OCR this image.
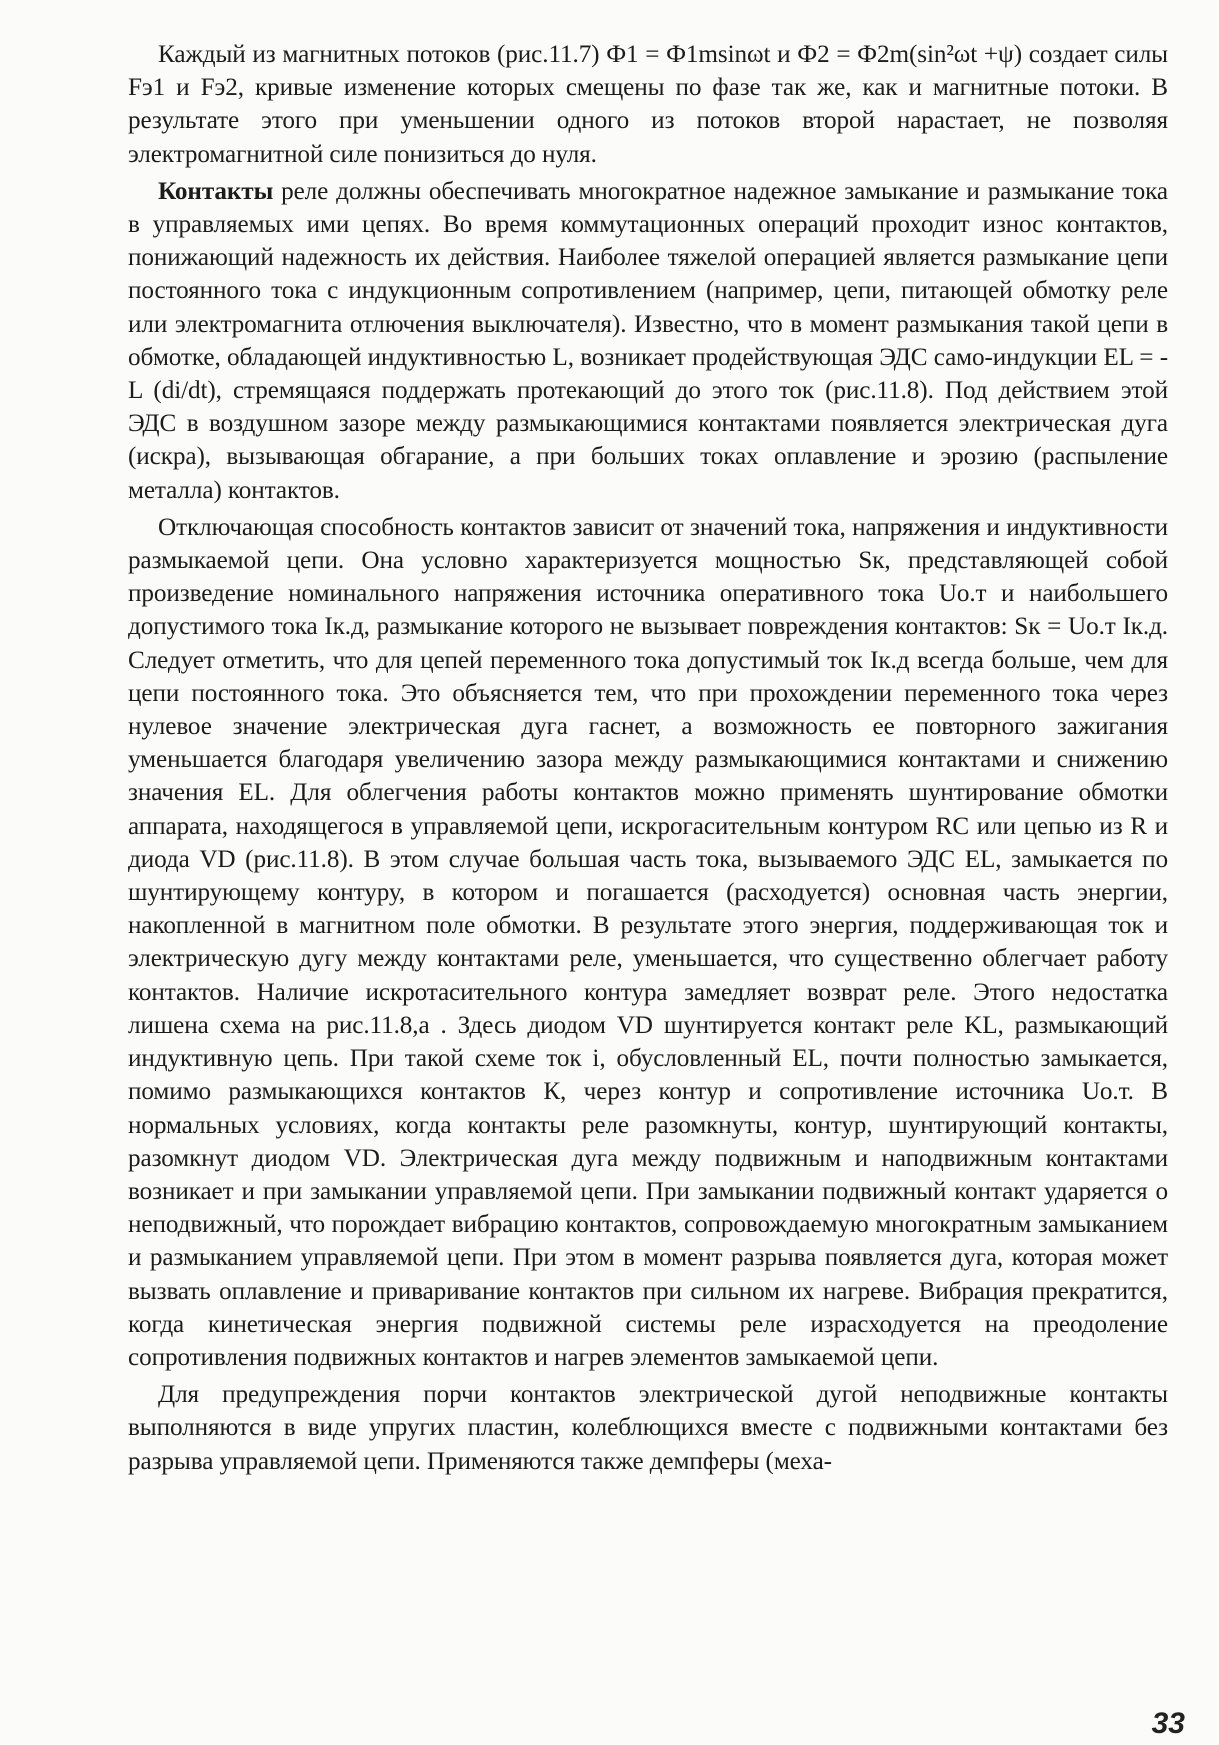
Каждый из магнитных потоков (рис.11.7) Ф1 = Ф1msinωt и Ф2 = Ф2m(sin²ωt +ψ) создает силы Fэ1 и Fэ2, кривые изменение которых смещены по фазе так же, как и магнитные потоки. В результате этого при уменьшении одного из потоков второй нарастает, не позволяя электромагнитной силе понизиться до нуля.

Контакты реле должны обеспечивать многократное надежное замыкание и размыкание тока в управляемых ими цепях. Во время коммутационных операций проходит износ контактов, понижающий надежность их действия. Наиболее тяжелой операцией является размыкание цепи постоянного тока с индукционным сопротивлением (например, цепи, питающей обмотку реле или электромагнита отлючения выключателя). Известно, что в момент размыкания такой цепи в обмотке, обладающей индуктивностью L, возникает продействующая ЭДС само-индукции EL = - L (di/dt), стремящаяся поддержать протекающий до этого ток (рис.11.8). Под действием этой ЭДС в воздушном зазоре между размыкающимися контактами появляется электрическая дуга (искра), вызывающая обгарание, а при больших токах оплавление и эрозию (распыление металла) контактов.

Отключающая способность контактов зависит от значений тока, напряжения и индуктивности размыкаемой цепи. Она условно характеризуется мощностью Sк, представляющей собой произведение номинального напряжения источника оперативного тока Uo.т и наибольшего допустимого тока Iк.д, размыкание которого не вызывает повреждения контактов: Sк = Uo.т Iк.д. Следует отметить, что для цепей переменного тока допустимый ток Iк.д всегда больше, чем для цепи постоянного тока. Это объясняется тем, что при прохождении переменного тока через нулевое значение электрическая дуга гаснет, а возможность ее повторного зажигания уменьшается благодаря увеличению зазора между размыкающимися контактами и снижению значения EL. Для облегчения работы контактов можно применять шунтирование обмотки аппарата, находящегося в управляемой цепи, искрогасительным контуром RC или цепью из R и диода VD (рис.11.8). В этом случае большая часть тока, вызываемого ЭДС EL, замыкается по шунтирующему контуру, в котором и погашается (расходуется) основная часть энергии, накопленной в магнитном поле обмотки. В результате этого энергия, поддерживающая ток и электрическую дугу между контактами реле, уменьшается, что существенно облегчает работу контактов. Наличие искротасительного контура замедляет возврат реле. Этого недостатка лишена схема на рис.11.8,а . Здесь диодом VD шунтируется контакт реле KL, размыкающий индуктивную цепь. При такой схеме ток i, обусловленный EL, почти полностью замыкается, помимо размыкающихся контактов К, через контур и сопротивление источника Uo.т. В нормальных условиях, когда контакты реле разомкнуты, контур, шунтирующий контакты, разомкнут диодом VD. Электрическая дуга между подвижным и наподвижным контактами возникает и при замыкании управляемой цепи. При замыкании подвижный контакт ударяется о неподвижный, что порождает вибрацию контактов, сопровождаемую многократным замыканием и размыканием управляемой цепи. При этом в момент разрыва появляется дуга, которая может вызвать оплавление и приваривание контактов при сильном их нагреве. Вибрация прекратится, когда кинетическая энергия подвижной системы реле израсходуется на преодоление сопротивления подвижных контактов и нагрев элементов замыкаемой цепи.

Для предупреждения порчи контактов электрической дугой неподвижные контакты выполняются в виде упругих пластин, колеблющихся вместе с подвижными контактами без разрыва управляемой цепи. Применяются также демпферы (меха-

33
